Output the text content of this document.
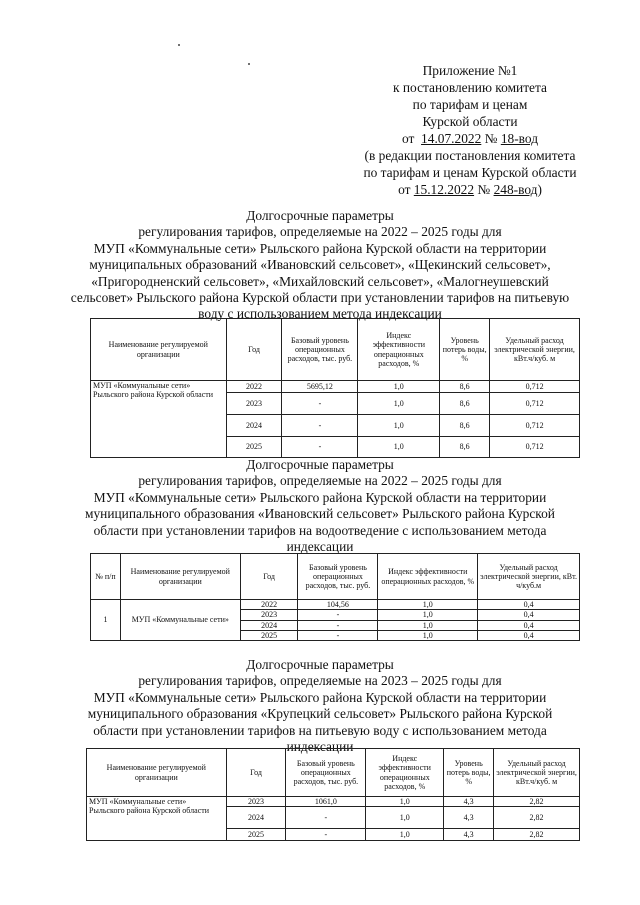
Приложение №1
к постановлению комитета
по тарифам и ценам
Курской области
от 14.07.2022 № 18-вод
(в редакции постановления комитета
по тарифам и ценам Курской области
от 15.12.2022 № 248-вод)
Долгосрочные параметры
регулирования тарифов, определяемые на 2022 – 2025 годы для
МУП «Коммунальные сети» Рыльского района Курской области на территории
муниципальных образований «Ивановский сельсовет», «Щекинский сельсовет»,
«Пригородненский сельсовет», «Михайловский сельсовет», «Малогнеушевский
сельсовет» Рыльского района Курской области при установлении тарифов на питьевую
воду с использованием метода индексации
Наименование регулируемой организации	Год	Базовый уровень операционных расходов, тыс. руб.	Индекс эффективности операционных расходов, %	Уровень потерь воды, %	Удельный расход электрической энергии, кВт.ч/куб. м
МУП «Коммунальные сети» Рыльского района Курской области	2022	5695,12	1,0	8,6	0,712
	2023	-	1,0	8,6	0,712
	2024	-	1,0	8,6	0,712
	2025	-	1,0	8,6	0,712
Долгосрочные параметры
регулирования тарифов, определяемые на 2022 – 2025 годы для
МУП «Коммунальные сети» Рыльского района Курской области на территории
муниципального образования «Ивановский сельсовет» Рыльского района Курской
области при установлении тарифов на водоотведение с использованием метода
индексации
№ п/п	Наименование регулируемой организации	Год	Базовый уровень операционных расходов, тыс. руб.	Индекс эффективности операционных расходов, %	Удельный расход электрической энергии, кВт. ч/куб.м
1	МУП «Коммунальные сети»	2022	104,56	1,0	0,4
		2023	-	1,0	0,4
		2024	-	1,0	0,4
		2025	-	1,0	0,4
Долгосрочные параметры
регулирования тарифов, определяемые на 2023 – 2025 годы для
МУП «Коммунальные сети» Рыльского района Курской области на территории
муниципального образования «Крупецкий сельсовет» Рыльского района Курской
области при установлении тарифов на питьевую воду с использованием метода
индексации
Наименование регулируемой организации	Год	Базовый уровень операционных расходов, тыс. руб.	Индекс эффективности операционных расходов, %	Уровень потерь воды, %	Удельный расход электрической энергии, кВт.ч/куб. м
МУП «Коммунальные сети» Рыльского района Курской области	2023	1061,0	1,0	4,3	2,82
	2024	-	1,0	4,3	2,82
	2025	-	1,0	4,3	2,82
